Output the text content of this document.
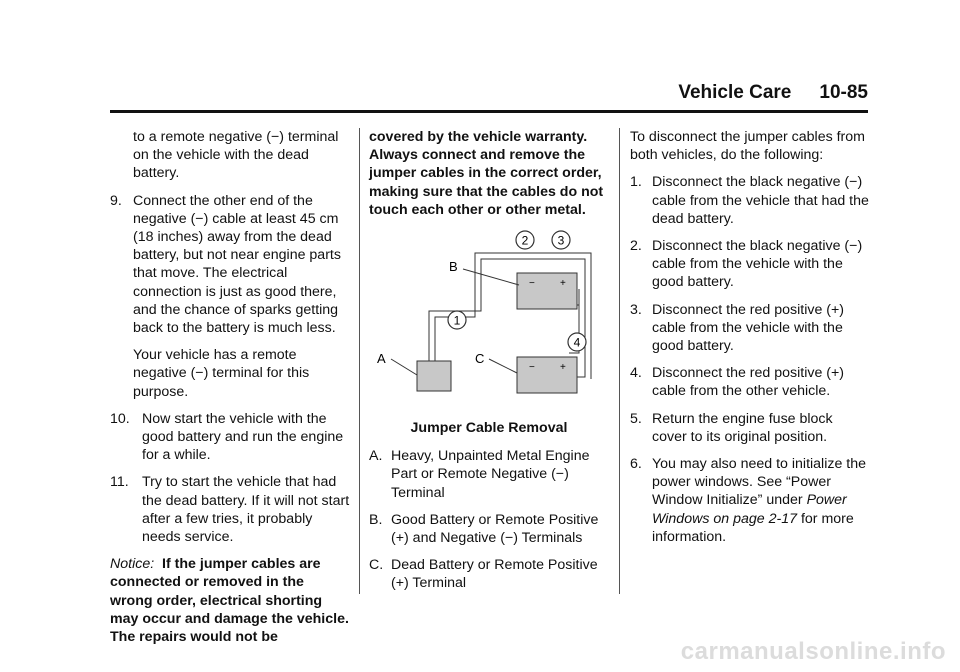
Vehicle Care 10-85

to a remote negative (−) terminal on the vehicle with the dead battery.

9. Connect the other end of the negative (−) cable at least 45 cm (18 inches) away from the dead battery, but not near engine parts that move. The electrical connection is just as good there, and the chance of sparks getting back to the battery is much less.

Your vehicle has a remote negative (−) terminal for this purpose.

10. Now start the vehicle with the good battery and run the engine for a while.
11. Try to start the vehicle that had the dead battery. If it will not start after a few tries, it probably needs service.

Notice: If the jumper cables are connected or removed in the wrong order, electrical shorting may occur and damage the vehicle. The repairs would not be

covered by the vehicle warranty. Always connect and remove the jumper cables in the correct order, making sure that the cables do not touch each other or other metal.

−	+
−	+
B
A	C
2 3
1
4
Jumper Cable Removal
A. Heavy, Unpainted Metal Engine Part or Remote Negative (−) Terminal
B. Good Battery or Remote Positive (+) and Negative (−) Terminals
C. Dead Battery or Remote Positive (+) Terminal

To disconnect the jumper cables from both vehicles, do the following:

1. Disconnect the black negative (−) cable from the vehicle that had the dead battery.
2. Disconnect the black negative (−) cable from the vehicle with the good battery.
3. Disconnect the red positive (+) cable from the vehicle with the good battery.
4. Disconnect the red positive (+) cable from the other vehicle.
5. Return the engine fuse block cover to its original position.
6. You may also need to initialize the power windows. See “Power Window Initialize” under Power Windows on page 2-17 for more information.
carmanualsonline.info
